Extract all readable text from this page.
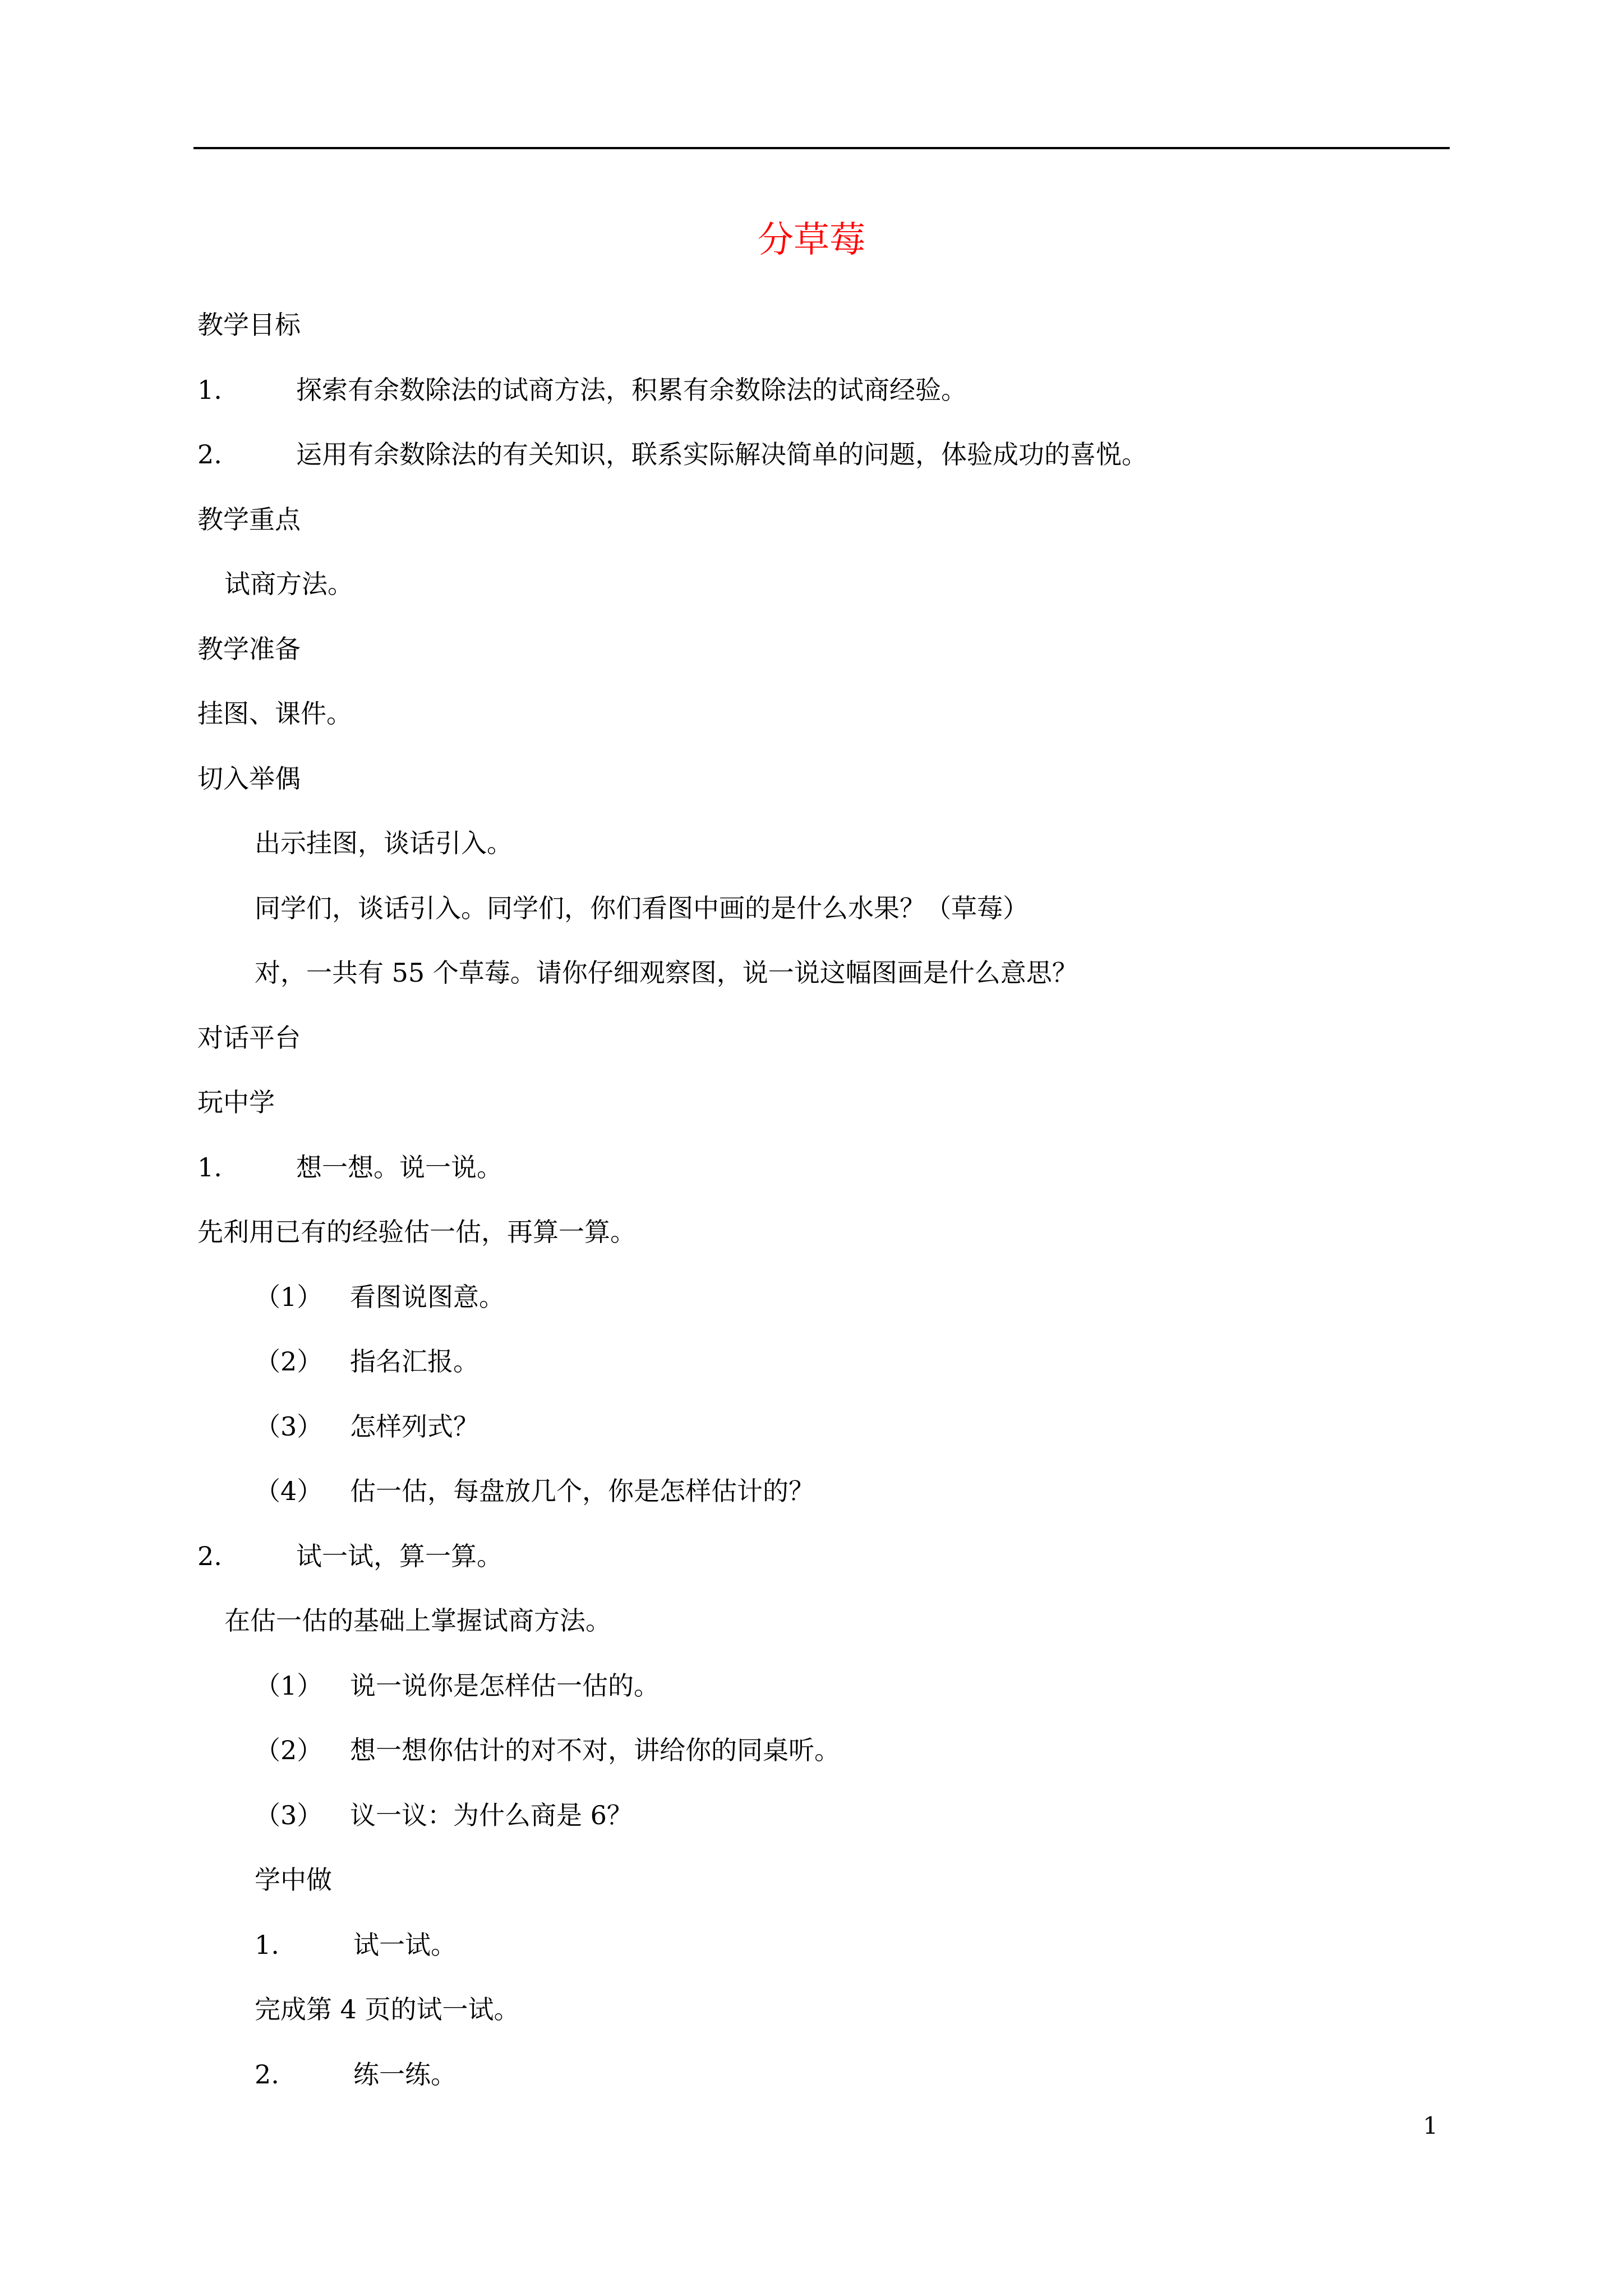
分草莓
教学目标
1.	探索有余数除法的试商方法，积累有余数除法的试商经验。
2.	运用有余数除法的有关知识，联系实际解决简单的问题，体验成功的喜悦。
教学重点
试商方法。
教学准备
挂图、课件。
切入举偶
出示挂图，谈话引入。
同学们，谈话引入。同学们，你们看图中画的是什么水果？（草莓）
对，一共有 55 个草莓。请你仔细观察图，说一说这幅图画是什么意思？
对话平台
玩中学
1.	想一想。说一说。
先利用已有的经验估一估，再算一算。
（1） 看图说图意。
（2） 指名汇报。
（3） 怎样列式？
（4） 估一估，每盘放几个，你是怎样估计的？
2.	试一试，算一算。
在估一估的基础上掌握试商方法。
（1） 说一说你是怎样估一估的。
（2） 想一想你估计的对不对，讲给你的同桌听。
（3） 议一议：为什么商是 6？
学中做
1.	试一试。
完成第 4 页的试一试。
2.	练一练。
1
